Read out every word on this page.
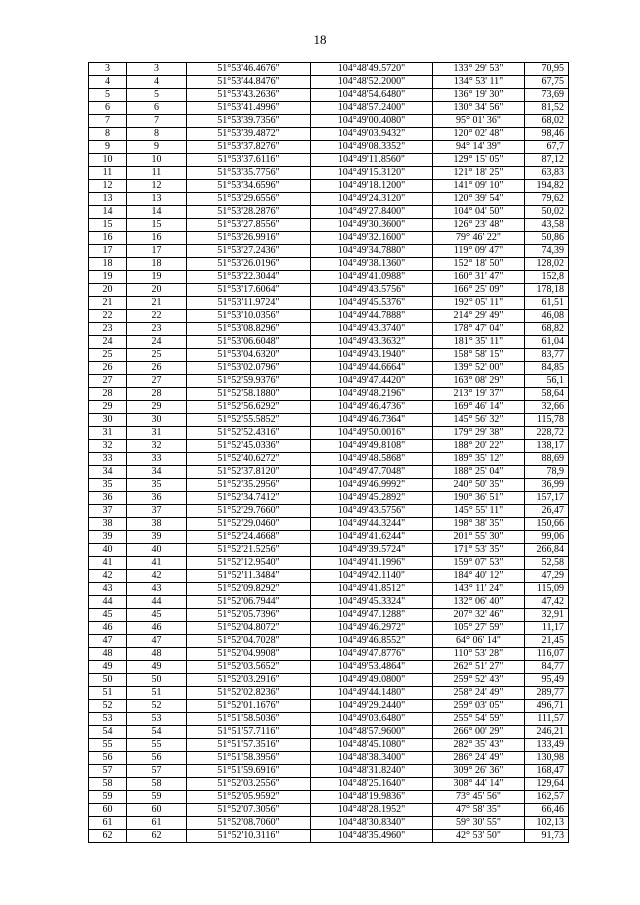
18
3	3	51°53'46.4676"	104°48'49.5720"	133° 29' 53"	70,95
4	4	51°53'44.8476"	104°48'52.2000"	134° 53' 11"	67,75
5	5	51°53'43.2636"	104°48'54.6480"	136° 19' 30"	73,69
6	6	51°53'41.4996"	104°48'57.2400"	130° 34' 56"	81,52
7	7	51°53'39.7356"	104°49'00.4080"	95° 01' 36"	68,02
8	8	51°53'39.4872"	104°49'03.9432"	120° 02' 48"	98,46
9	9	51°53'37.8276"	104°49'08.3352"	94° 14' 39"	67,7
10	10	51°53'37.6116"	104°49'11.8560"	129° 15' 05"	87,12
11	11	51°53'35.7756"	104°49'15.3120"	121° 18' 25"	63,83
12	12	51°53'34.6596"	104°49'18.1200"	141° 09' 10"	194,82
13	13	51°53'29.6556"	104°49'24.3120"	120° 39' 54"	79,62
14	14	51°53'28.2876"	104°49'27.8400"	104° 04' 50"	50,02
15	15	51°53'27.8556"	104°49'30.3600"	126° 23' 48"	43,58
16	16	51°53'26.9916"	104°49'32.1600"	79° 46' 22"	50,86
17	17	51°53'27.2436"	104°49'34.7880"	119° 09' 47"	74,39
18	18	51°53'26.0196"	104°49'38.1360"	152° 18' 50"	128,02
19	19	51°53'22.3044"	104°49'41.0988"	160° 31' 47"	152,8
20	20	51°53'17.6064"	104°49'43.5756"	166° 25' 09"	178,18
21	21	51°53'11.9724"	104°49'45.5376"	192° 05' 11"	61,51
22	22	51°53'10.0356"	104°49'44.7888"	214° 29' 49"	46,08
23	23	51°53'08.8296"	104°49'43.3740"	178° 47' 04"	68,82
24	24	51°53'06.6048"	104°49'43.3632"	181° 35' 11"	61,04
25	25	51°53'04.6320"	104°49'43.1940"	158° 58' 15"	83,77
26	26	51°53'02.0796"	104°49'44.6664"	139° 52' 00"	84,85
27	27	51°52'59.9376"	104°49'47.4420"	163° 08' 29"	56,1
28	28	51°52'58.1880"	104°49'48.2196"	213° 19' 37"	58,64
29	29	51°52'56.6292"	104°49'46.4736"	169° 46' 14"	32,66
30	30	51°52'55.5852"	104°49'46.7364"	145° 56' 32"	115,78
31	31	51°52'52.4316"	104°49'50.0016"	179° 29' 38"	228,72
32	32	51°52'45.0336"	104°49'49.8108"	188° 20' 22"	138,17
33	33	51°52'40.6272"	104°49'48.5868"	189° 35' 12"	88,69
34	34	51°52'37.8120"	104°49'47.7048"	188° 25' 04"	78,9
35	35	51°52'35.2956"	104°49'46.9992"	240° 50' 35"	36,99
36	36	51°52'34.7412"	104°49'45.2892"	190° 36' 51"	157,17
37	37	51°52'29.7660"	104°49'43.5756"	145° 55' 11"	26,47
38	38	51°52'29.0460"	104°49'44.3244"	198° 38' 35"	150,66
39	39	51°52'24.4668"	104°49'41.6244"	201° 55' 30"	99,06
40	40	51°52'21.5256"	104°49'39.5724"	171° 53' 35"	266,84
41	41	51°52'12.9540"	104°49'41.1996"	159° 07' 53"	52,58
42	42	51°52'11.3484"	104°49'42.1140"	184° 40' 12"	47,29
43	43	51°52'09.8292"	104°49'41.8512"	143° 11' 24"	115,09
44	44	51°52'06.7944"	104°49'45.3324"	132° 06' 40"	47,42
45	45	51°52'05.7396"	104°49'47.1288"	207° 32' 46"	32,91
46	46	51°52'04.8072"	104°49'46.2972"	105° 27' 59"	11,17
47	47	51°52'04.7028"	104°49'46.8552"	64° 06' 14"	21,45
48	48	51°52'04.9908"	104°49'47.8776"	110° 53' 28"	116,07
49	49	51°52'03.5652"	104°49'53.4864"	262° 51' 27"	84,77
50	50	51°52'03.2916"	104°49'49.0800"	259° 52' 43"	95,49
51	51	51°52'02.8236"	104°49'44.1480"	258° 24' 49"	289,77
52	52	51°52'01.1676"	104°49'29.2440"	259° 03' 05"	496,71
53	53	51°51'58.5036"	104°49'03.6480"	255° 54' 59"	111,57
54	54	51°51'57.7116"	104°48'57.9600"	266° 00' 29"	246,21
55	55	51°51'57.3516"	104°48'45.1080"	282° 35' 43"	133,49
56	56	51°51'58.3956"	104°48'38.3400"	286° 24' 49"	130,98
57	57	51°51'59.6916"	104°48'31.8240"	309° 26' 36"	168,47
58	58	51°52'03.2556"	104°48'25.1640"	308° 44' 14"	129,64
59	59	51°52'05.9592"	104°48'19.9836"	73° 45' 56"	162,57
60	60	51°52'07.3056"	104°48'28.1952"	47° 58' 35"	66,46
61	61	51°52'08.7060"	104°48'30.8340"	59° 30' 55"	102,13
62	62	51°52'10.3116"	104°48'35.4960"	42° 53' 50"	91,73
